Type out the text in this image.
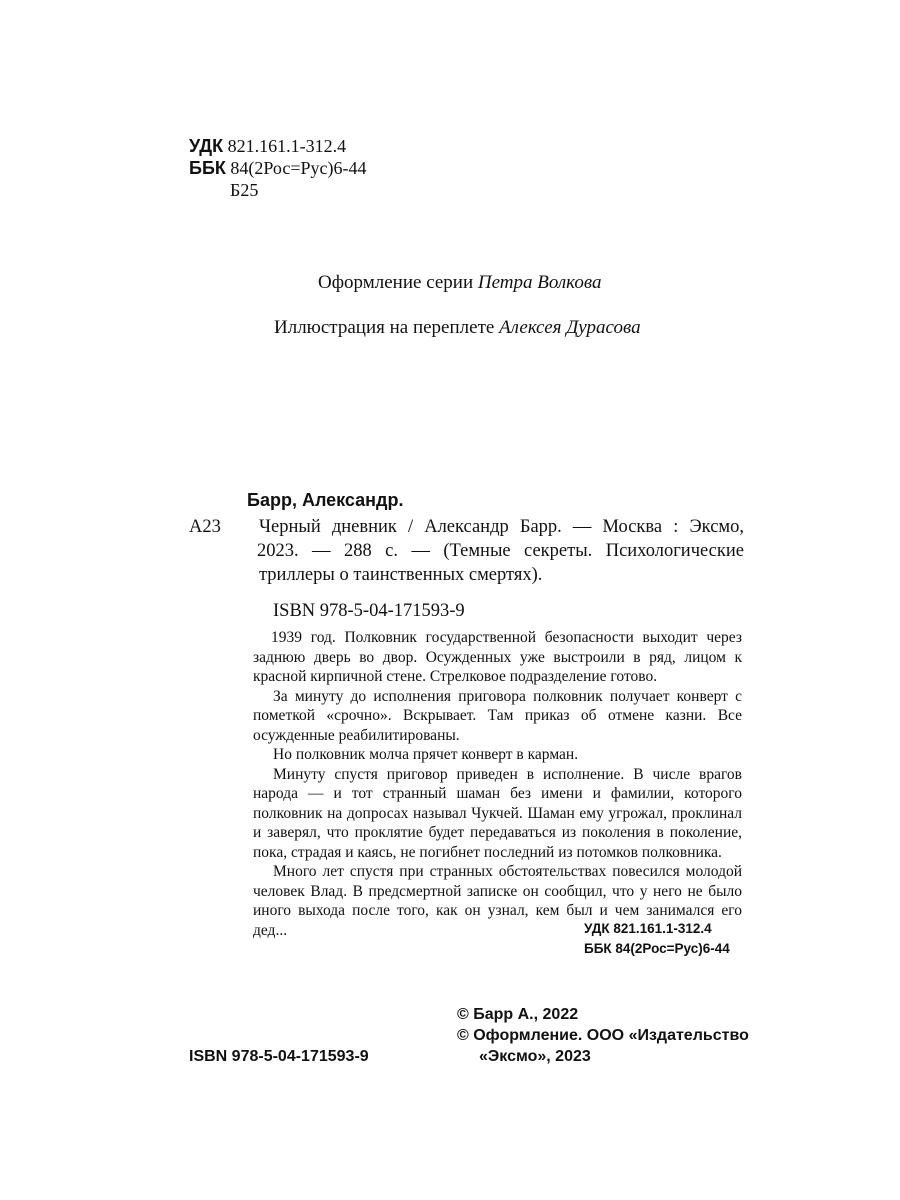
УДК 821.161.1-312.4
ББК 84(2Рос=Рус)6-44
Б25
Оформление серии Петра Волкова
Иллюстрация на переплете Алексея Дурасова
Барр, Александр.
А23 Черный дневник / Александр Барр. — Москва : Эксмо,
2023. — 288 с. — (Темные секреты. Психологические
триллеры о таинственных смертях).
ISBN 978-5-04-171593-9

1939 год. Полковник государственной безопасности выходит через заднюю дверь во двор. Осужденных уже выстроили в ряд, лицом к красной кирпичной стене. Стрелковое подразделение готово.

За минуту до исполнения приговора полковник получает конверт с пометкой «срочно». Вскрывает. Там приказ об отмене казни. Все осужденные реабилитированы.

Но полковник молча прячет конверт в карман.

Минуту спустя приговор приведен в исполнение. В числе врагов народа — и тот странный шаман без имени и фамилии, которого полковник на допросах называл Чукчей. Шаман ему угрожал, проклинал и заверял, что проклятие будет передаваться из поколения в поколение, пока, страдая и каясь, не погибнет последний из потомков полковника.

Много лет спустя при странных обстоятельствах повесился молодой человек Влад. В предсмертной записке он сообщил, что у него не было иного выхода после того, как он узнал, кем был и чем занимался его дед...	УДК 821.161.1-312.4
ББК 84(2Рос=Рус)6-44
© Барр А., 2022
© Оформление. ООО «Издательство
«Эксмо», 2023
ISBN 978-5-04-171593-9
